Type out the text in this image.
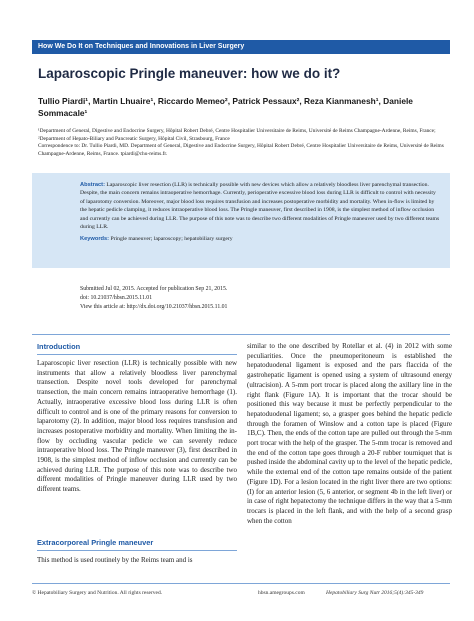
How We Do It on Techniques and Innovations in Liver Surgery
Laparoscopic Pringle maneuver: how we do it?
Tullio Piardi¹, Martin Lhuaire¹, Riccardo Memeo², Patrick Pessaux², Reza Kianmanesh¹, Daniele Sommacale¹
¹Department of General, Digestive and Endocrine Surgery, Hôpital Robert Debré, Centre Hospitalier Universitaire de Reims, Université de Reims Champagne-Ardenne, Reims, France; ²Department of Hepato-Biliary and Pancreatic Surgery, Hôpital Civil, Strasbourg, France
Correspondence to: Dr. Tullio Piardi, MD. Department of General, Digestive and Endocrine Surgery, Hôpital Robert Debré, Centre Hospitalier Universitaire de Reims, Université de Reims Champagne-Ardenne, Reims, France. tpiardi@chu-reims.fr.
Abstract: Laparoscopic liver resection (LLR) is technically possible with new devices which allow a relatively bloodless liver parenchymal transection. Despite, the main concern remains intraoperative hemorrhage. Currently, perioperative excessive blood loss during LLR is difficult to control with necessity of laparotomy conversion. Moreover, major blood loss requires transfusion and increases postoperative morbidity and mortality. When in-flow is limited by the hepatic pedicle clamping, it reduces intraoperative blood loss. The Pringle maneuver, first described in 1908, is the simplest method of inflow occlusion and currently can be achieved during LLR. The purpose of this note was to describe two different modalities of Pringle maneuver used by two different teams during LLR.
Keywords: Pringle maneuver; laparoscopy; hepatobiliary surgery
Submitted Jul 02, 2015. Accepted for publication Sep 21, 2015.
doi: 10.21037/hbsn.2015.11.01
View this article at: http://dx.doi.org/10.21037/hbsn.2015.11.01
Introduction
Laparoscopic liver resection (LLR) is technically possible with new instruments that allow a relatively bloodless liver parenchymal transection. Despite novel tools developed for parenchymal transection, the main concern remains intraoperative hemorrhage (1). Actually, intraoperative excessive blood loss during LLR is often difficult to control and is one of the primary reasons for conversion to laparotomy (2). In addition, major blood loss requires transfusion and increases postoperative morbidity and mortality. When limiting the in-flow by occluding vascular pedicle we can severely reduce intraoperative blood loss. The Pringle maneuver (3), first described in 1908, is the simplest method of inflow occlusion and currently can be achieved during LLR. The purpose of this note was to describe two different modalities of Pringle maneuver during LLR used by two different teams.
Extracorporeal Pringle maneuver
This method is used routinely by the Reims team and is
similar to the one described by Rotellar et al. (4) in 2012 with some peculiarities. Once the pneumoperitoneum is established the hepatoduodenal ligament is exposed and the pars flaccida of the gastrohepatic ligament is opened using a system of ultrasound energy (ultracision). A 5-mm port trocar is placed along the axillary line in the right flank (Figure 1A). It is important that the trocar should be positioned this way because it must be perfectly perpendicular to the hepatoduodenal ligament; so, a grasper goes behind the hepatic pedicle through the foramen of Winslow and a cotton tape is placed (Figure 1B,C). Then, the ends of the cotton tape are pulled out through the 5-mm port trocar with the help of the grasper. The 5-mm trocar is removed and the end of the cotton tape goes through a 20-F rubber tourniquet that is pushed inside the abdominal cavity up to the level of the hepatic pedicle, while the external end of the cotton tape remains outside of the patient (Figure 1D). For a lesion located in the right liver there are two options: (I) for an anterior lesion (5, 6 anterior, or segment 4b in the left liver) or in case of right hepatectomy the technique differs in the way that a 5-mm trocars is placed in the left flank, and with the help of a second grasp when the cotton
© Hepatobiliary Surgery and Nutrition. All rights reserved.	hbsn.amegroups.com	Hepatobiliary Surg Nutr 2016;5(4):345-349
